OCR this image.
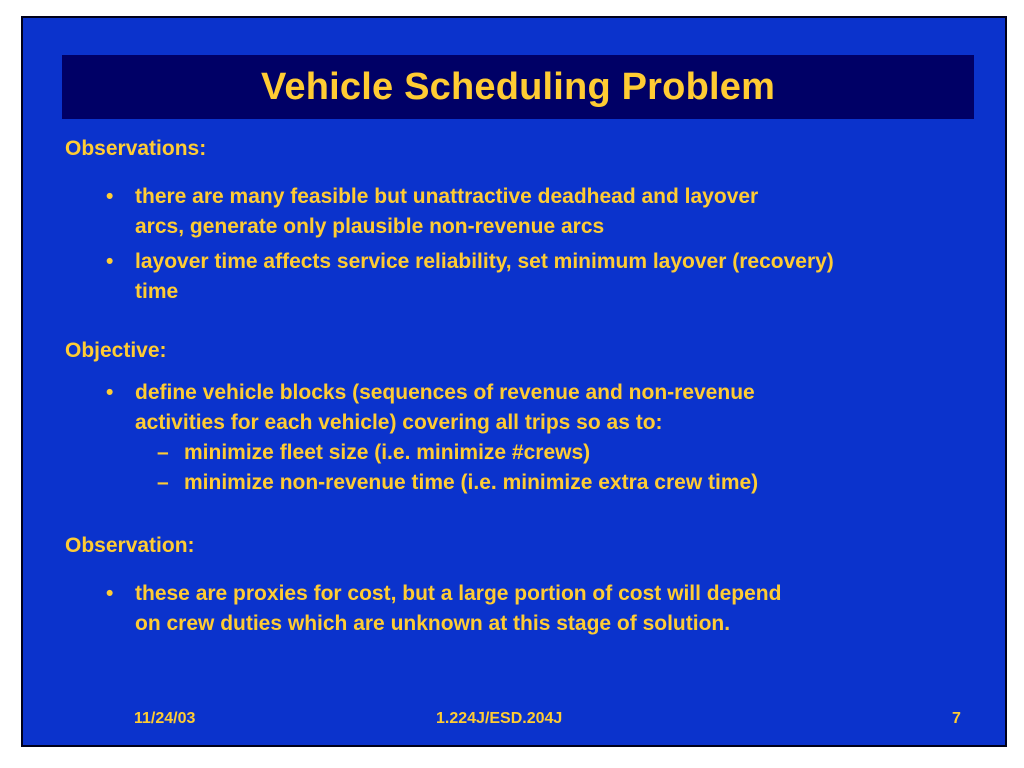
Vehicle Scheduling Problem
Observations:
• there are many feasible but unattractive deadhead and layover
arcs, generate only plausible non-revenue arcs
• layover time affects service reliability, set minimum layover (recovery)
time
Objective:
• define vehicle blocks (sequences of revenue and non-revenue
activities for each vehicle) covering all trips so as to:
– minimize fleet size (i.e. minimize #crews)
– minimize non-revenue time (i.e. minimize extra crew time)
Observation:
• these are proxies for cost, but a large portion of cost will depend
on crew duties which are unknown at this stage of solution.
11/24/03	1.224J/ESD.204J	7
